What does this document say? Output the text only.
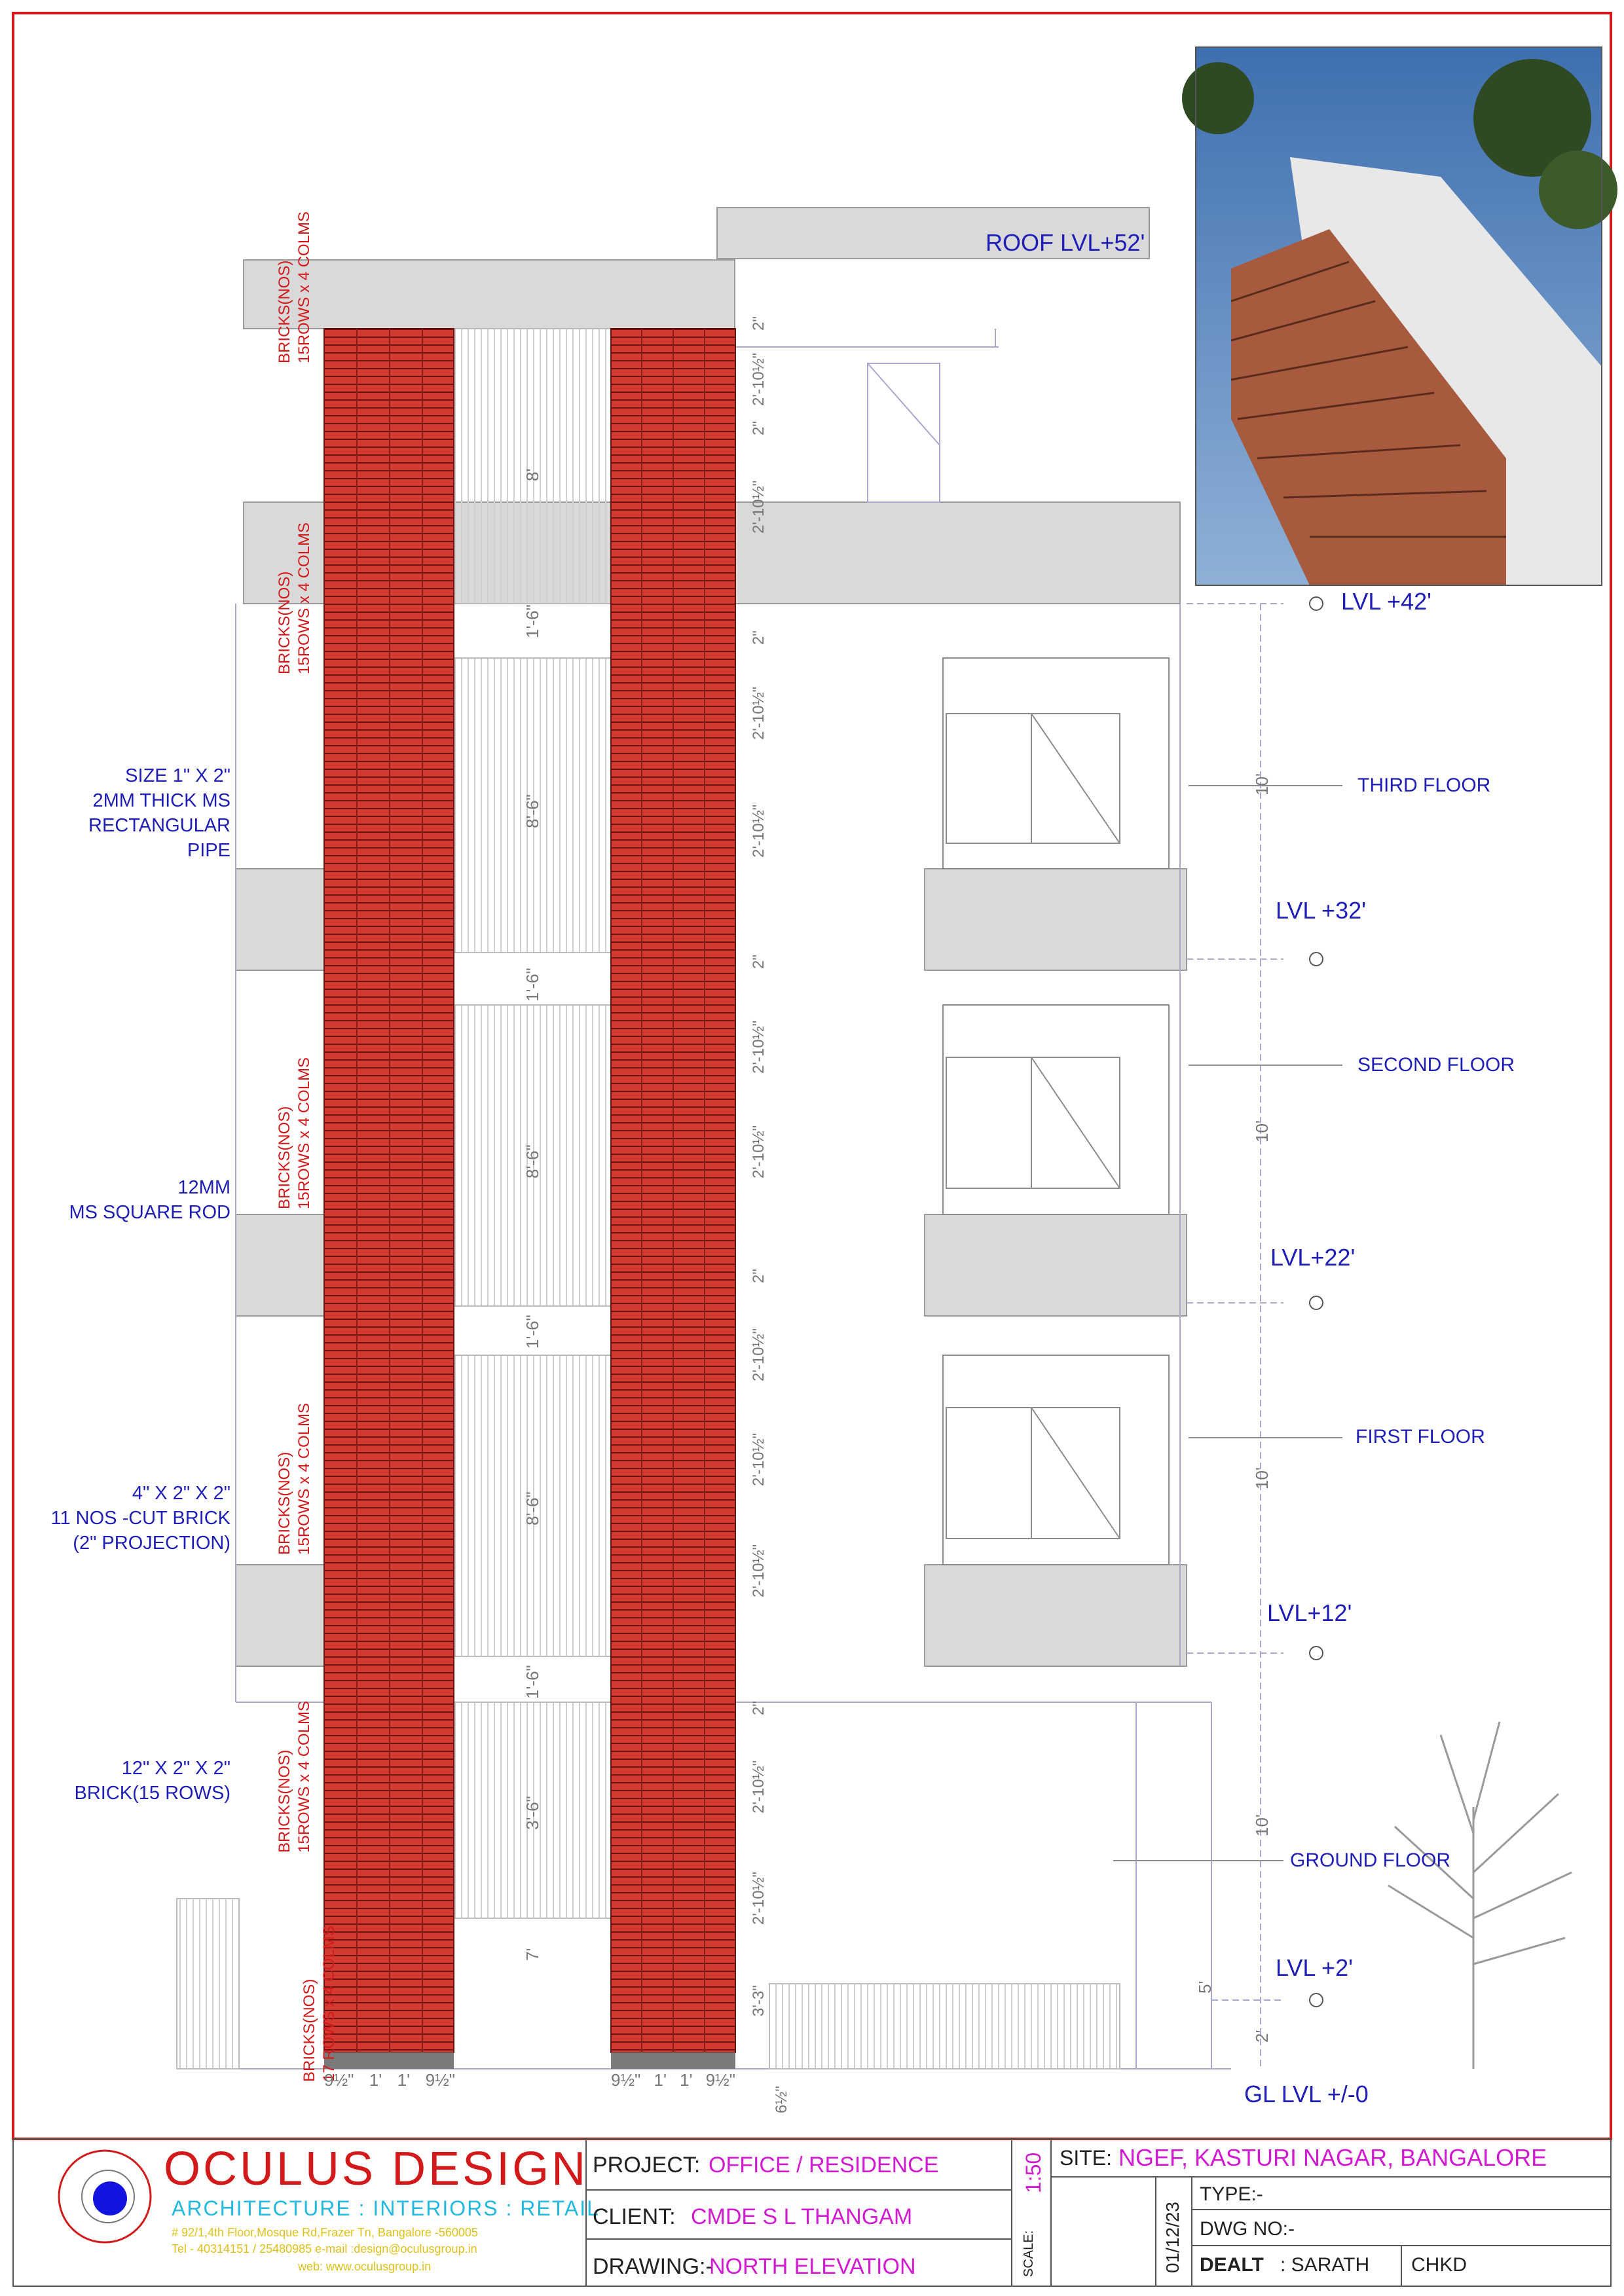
ROOF LVL+52'
LVL +42'
LVL +32'
LVL+22'
LVL+12'
LVL +2'
GL LVL +/-0
THIRD FLOOR
SECOND FLOOR
FIRST FLOOR
GROUND FLOOR
SIZE 1" X 2"
2MM THICK MS
RECTANGULAR PIPE
12MM
MS SQUARE ROD
4" X 2" X 2"
11 NOS -CUT BRICK
(2" PROJECTION)
12" X 2" X 2"
BRICK(15 ROWS)
BRICKS(NOS) 15ROWS x 4 COLMS
BRICKS(NOS) 15ROWS x 4 COLMS
BRICKS(NOS) 15ROWS x 4 COLMS
BRICKS(NOS) 15ROWS x 4 COLMS
BRICKS(NOS) 15ROWS x 4 COLMS
BRICKS(NOS) 17 ROWS x 4 COLMS
8'
1'-6"
8'-6"
1'-6"
8'-6"
1'-6"
8'-6"
1'-6"
3'-6"
7'
2"
2'-10½"
2"
2'-10½"
2"
2'-10½"
2'-10½"
2"
2'-10½"
2'-10½"
2"
2'-10½"
2'-10½"
2'-10½"
2"
2'-10½"
2'-10½"
3'-3"
6½"
10'
10'
10'
10'
5'
2'
9½" 1' 1' 9½"	9½" 1' 1' 9½"
OCULUS DESIGN
ARCHITECTURE : INTERIORS : RETAIL
# 92/1,4th Floor,Mosque Rd,Frazer Tn, Bangalore -560005
Tel - 40314151 / 25480985 e-mail :design@oculusgroup.in
web: www.oculusgroup.in
PROJECT: OFFICE / RESIDENCE
CLIENT: CMDE S L THANGAM
DRAWING:-
NORTH ELEVATION	SCALE:
1:50 SITE: NGEF, KASTURI NAGAR, BANGALORE
01/12/23
TYPE:-
DWG NO:-
DEALT : SARATH CHKD
